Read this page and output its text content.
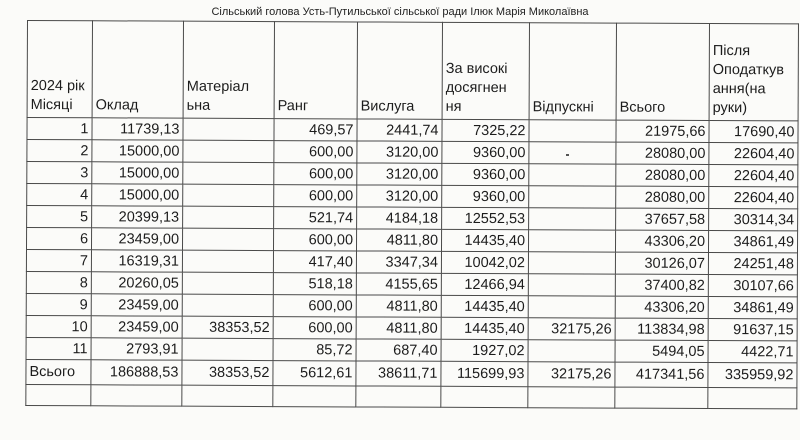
Сільський голова Усть-Путильської сільської ради Ілюк Марія Миколаївна
2024 рік Місяці	Оклад	Матеріал ьна	Ранг	Вислуга	За високі досягнен ня	Відпускні	Всього	Після Оподаткув ання(на руки)
1	11739,13		469,57	2441,74	7325,22		21975,66	17690,40
2	15000,00		600,00	3120,00	9360,00		28080,00	22604,40
3	15000,00		600,00	3120,00	9360,00		28080,00	22604,40
4	15000,00		600,00	3120,00	9360,00		28080,00	22604,40
5	20399,13		521,74	4184,18	12552,53		37657,58	30314,34
6	23459,00		600,00	4811,80	14435,40		43306,20	34861,49
7	16319,31		417,40	3347,34	10042,02		30126,07	24251,48
8	20260,05		518,18	4155,65	12466,94		37400,82	30107,66
9	23459,00		600,00	4811,80	14435,40		43306,20	34861,49
10	23459,00	38353,52	600,00	4811,80	14435,40	32175,26	113834,98	91637,15
11	2793,91		85,72	687,40	1927,02		5494,05	4422,71
Всього	186888,53	38353,52	5612,61	38611,71	115699,93	32175,26	417341,56	335959,92
